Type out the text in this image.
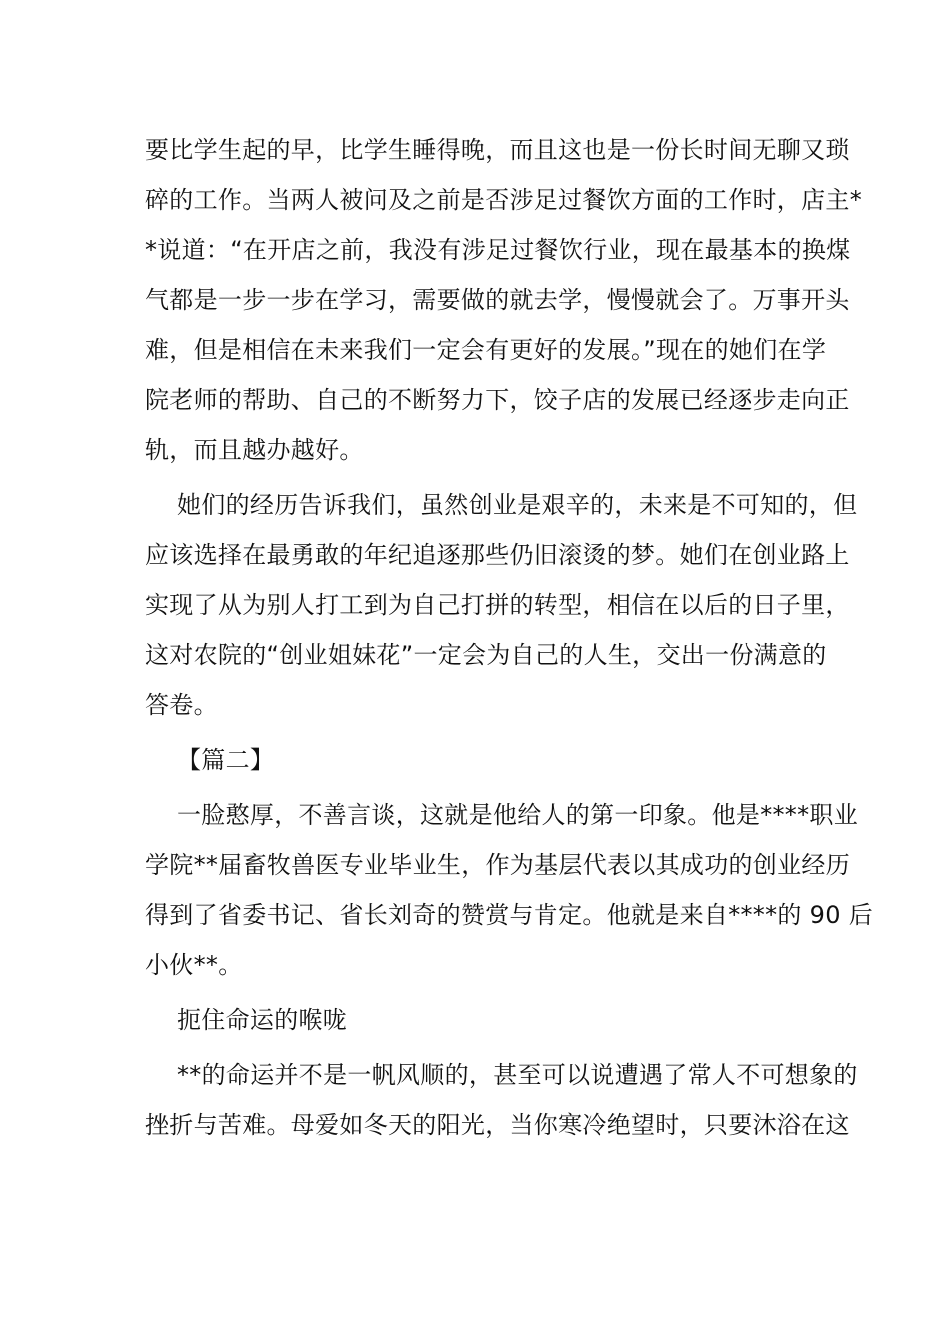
要比学生起的早，比学生睡得晚，而且这也是一份长时间无聊又琐
碎的工作。当两人被问及之前是否涉足过餐饮方面的工作时，店主*
*说道：“在开店之前，我没有涉足过餐饮行业，现在最基本的换煤
气都是一步一步在学习，需要做的就去学，慢慢就会了。万事开头
难，但是相信在未来我们一定会有更好的发展。”现在的她们在学
院老师的帮助、自己的不断努力下，饺子店的发展已经逐步走向正
轨，而且越办越好。
她们的经历告诉我们，虽然创业是艰辛的，未来是不可知的，但
应该选择在最勇敢的年纪追逐那些仍旧滚烫的梦。她们在创业路上
实现了从为别人打工到为自己打拼的转型，相信在以后的日子里，
这对农院的“创业姐妹花”一定会为自己的人生，交出一份满意的
答卷。
【篇二】
一脸憨厚，不善言谈，这就是他给人的第一印象。他是****职业
学院**届畜牧兽医专业毕业生，作为基层代表以其成功的创业经历
得到了省委书记、省长刘奇的赞赏与肯定。他就是来自****的 90 后
小伙**。
扼住命运的喉咙
**的命运并不是一帆风顺的，甚至可以说遭遇了常人不可想象的
挫折与苦难。母爱如冬天的阳光，当你寒冷绝望时，只要沐浴在这
